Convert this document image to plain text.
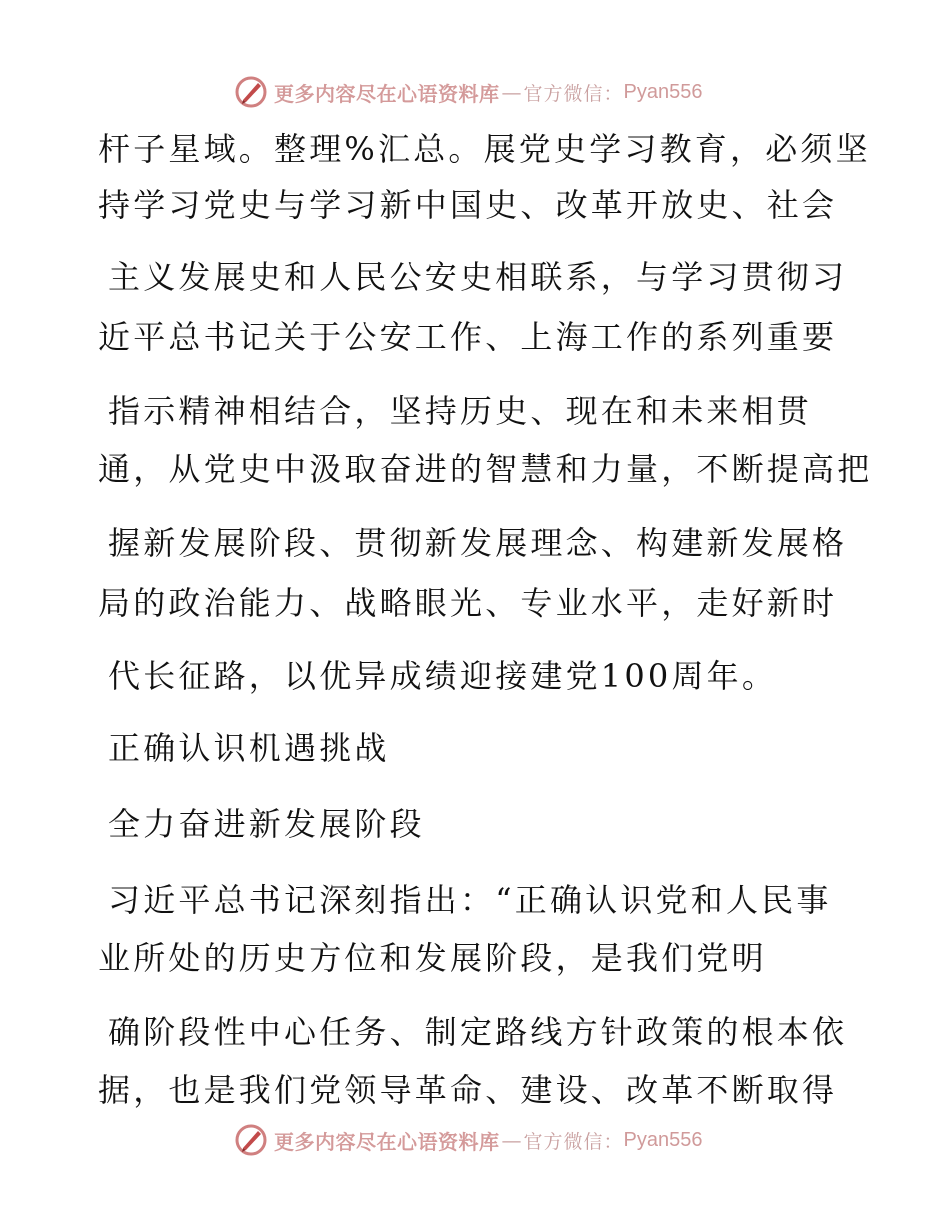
更多内容尽在心语资料库 — 官方微信： Pyan556
杆子星域。整理%汇总。展党史学习教育，必须坚
持学习党史与学习新中国史、改革开放史、社会
主义发展史和人民公安史相联系，与学习贯彻习
近平总书记关于公安工作、上海工作的系列重要
指示精神相结合，坚持历史、现在和未来相贯
通，从党史中汲取奋进的智慧和力量，不断提高把
握新发展阶段、贯彻新发展理念、构建新发展格
局的政治能力、战略眼光、专业水平，走好新时
代长征路，以优异成绩迎接建党100周年。
正确认识机遇挑战
全力奋进新发展阶段
习近平总书记深刻指出：“正确认识党和人民事
业所处的历史方位和发展阶段，是我们党明
确阶段性中心任务、制定路线方针政策的根本依
据，也是我们党领导革命、建设、改革不断取得
更多内容尽在心语资料库 — 官方微信： Pyan556
